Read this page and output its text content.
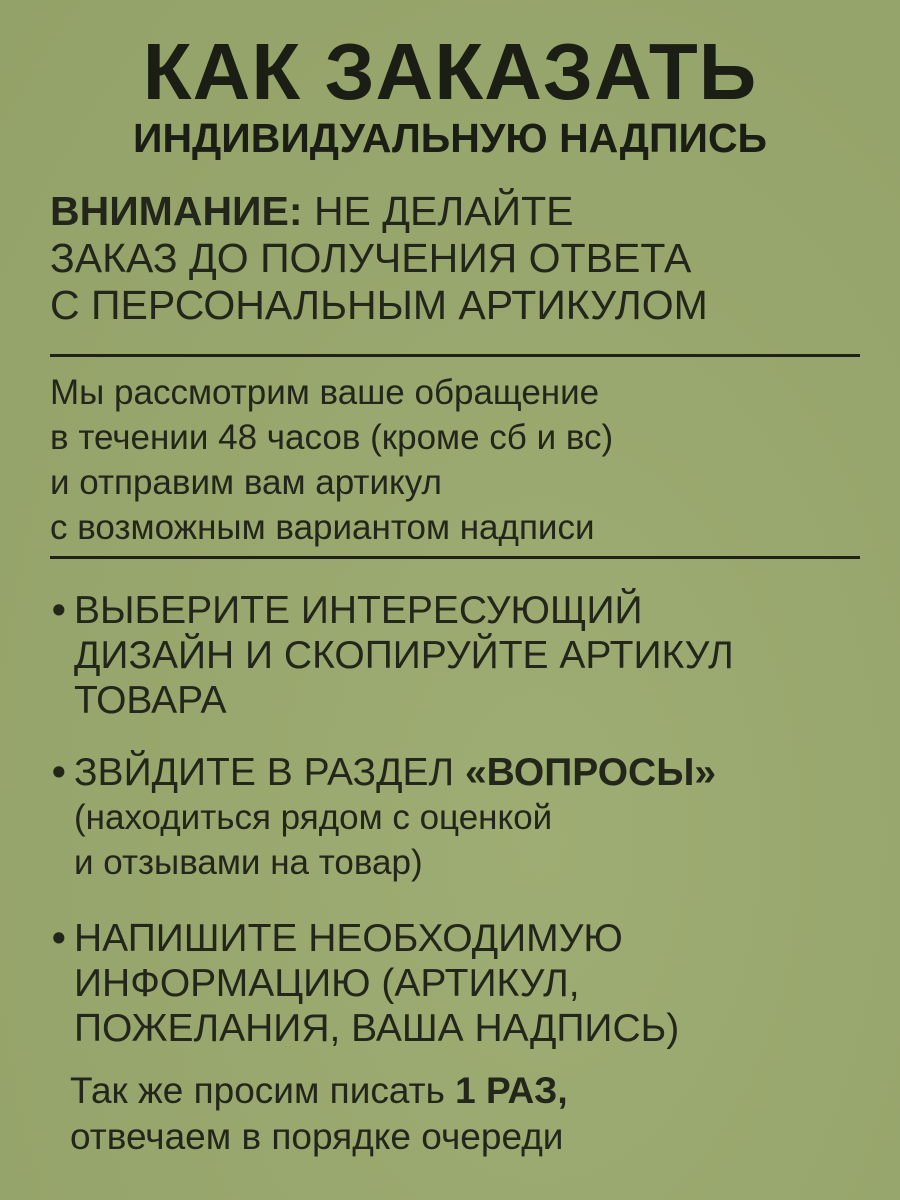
КАК ЗАКАЗАТЬ
ИНДИВИДУАЛЬНУЮ НАДПИСЬ
ВНИМАНИЕ: НЕ ДЕЛАЙТЕ
ЗАКАЗ ДО ПОЛУЧЕНИЯ ОТВЕТА
С ПЕРСОНАЛЬНЫМ АРТИКУЛОМ
Мы рассмотрим ваше обращение
в течении 48 часов (кроме сб и вс)
и отправим вам артикул
с возможным вариантом надписи
• ВЫБЕРИТЕ ИНТЕРЕСУЮЩИЙ
ДИЗАЙН И СКОПИРУЙТЕ АРТИКУЛ
ТОВАРА
• ЗВЙДИТЕ В РАЗДЕЛ «ВОПРОСЫ»
(находиться рядом с оценкой
и отзывами на товар)
• НАПИШИТЕ НЕОБХОДИМУЮ
ИНФОРМАЦИЮ (АРТИКУЛ,
ПОЖЕЛАНИЯ, ВАША НАДПИСЬ)
Так же просим писать 1 РАЗ,
отвечаем в порядке очереди
